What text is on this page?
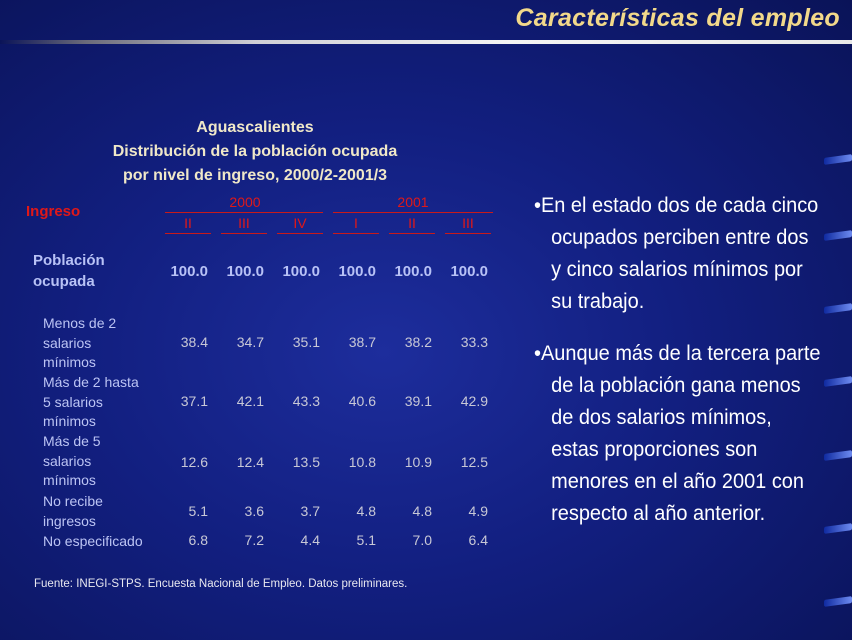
Características del empleo
Aguascalientes
Distribución de la población ocupada
por nivel de ingreso, 2000/2-2001/3
Ingreso
2000	2001
II	III	IV	I	II	III
Población
ocupada
100.0 100.0 100.0 100.0 100.0 100.0
Menos de 2
salarios
mínimos
38.4	34.7	35.1	38.7	38.2	33.3
Más de 2 hasta
5 salarios
mínimos
37.1	42.1	43.3	40.6	39.1	42.9
Más de 5
salarios
mínimos
12.6	12.4	13.5	10.8	10.9	12.5
No recibe
ingresos
5.1	3.6	3.7	4.8	4.8	4.9
No especificado	6.8	7.2	4.4	5.1	7.0	6.4
Fuente: INEGI-STPS. Encuesta Nacional de Empleo. Datos preliminares.
•En el estado dos de cada cinco ocupados perciben entre dos y cinco salarios mínimos por su trabajo.
•Aunque más de la tercera parte de la población gana menos de dos salarios mínimos, estas proporciones son menores en el año 2001 con respecto al año anterior.
